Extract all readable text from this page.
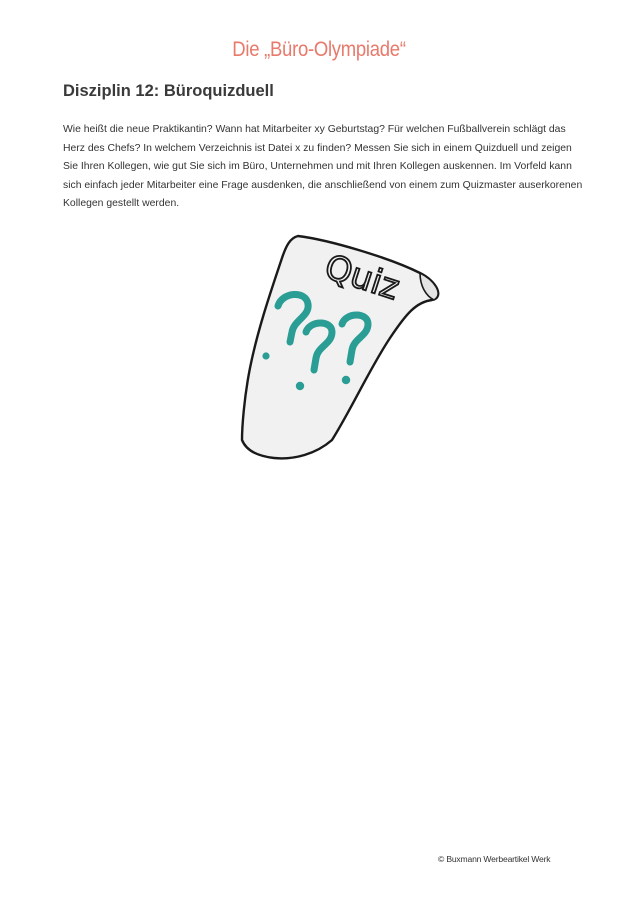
Die „Büro-Olympiade“
Disziplin 12: Büroquizduell

Wie heißt die neue Praktikantin? Wann hat Mitarbeiter xy Geburtstag? Für welchen Fußballverein schlägt das Herz des Chefs? In welchem Verzeichnis ist Datei x zu finden? Messen Sie sich in einem Quizduell und zeigen Sie Ihren Kollegen, wie gut Sie sich im Büro, Unternehmen und mit Ihren Kollegen auskennen. Im Vorfeld kann sich einfach jeder Mitarbeiter eine Frage ausdenken, die anschließend von einem zum Quizmaster auserkorenen Kollegen gestellt werden.

Quiz
© Buxmann Werbeartikel Werk
